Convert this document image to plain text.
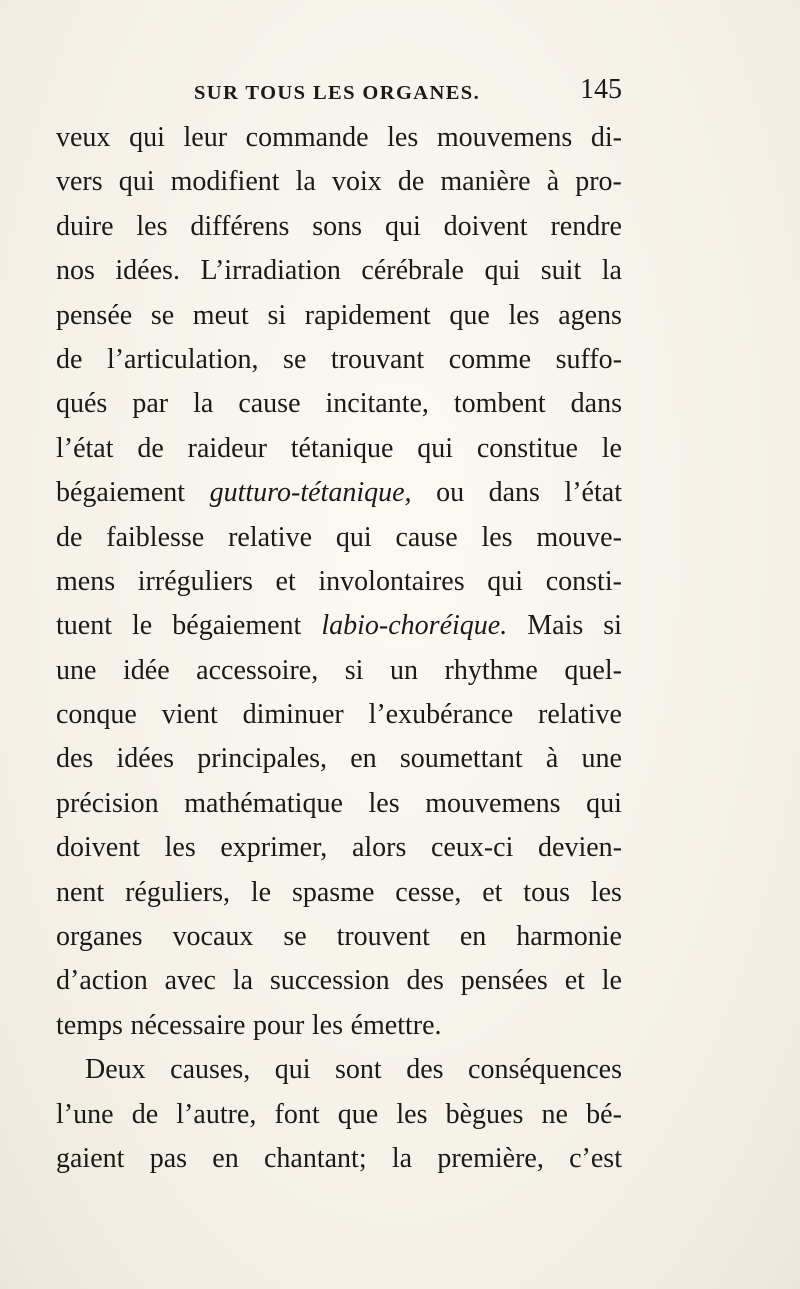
SUR TOUS LES ORGANES.	145
veux qui leur commande les mouvemens di-
vers qui modifient la voix de manière à pro-
duire les différens sons qui doivent rendre
nos idées. L’irradiation cérébrale qui suit la
pensée se meut si rapidement que les agens
de l’articulation, se trouvant comme suffo-
qués par la cause incitante, tombent dans
l’état de raideur tétanique qui constitue le
bégaiement gutturo-tétanique, ou dans l’état
de faiblesse relative qui cause les mouve-
mens irréguliers et involontaires qui consti-
tuent le bégaiement labio-choréique. Mais si
une idée accessoire, si un rhythme quel-
conque vient diminuer l’exubérance relative
des idées principales, en soumettant à une
précision mathématique les mouvemens qui
doivent les exprimer, alors ceux-ci devien-
nent réguliers, le spasme cesse, et tous les
organes vocaux se trouvent en harmonie
d’action avec la succession des pensées et le
temps nécessaire pour les émettre.
Deux causes, qui sont des conséquences
l’une de l’autre, font que les bègues ne bé-
gaient pas en chantant; la première, c’est
